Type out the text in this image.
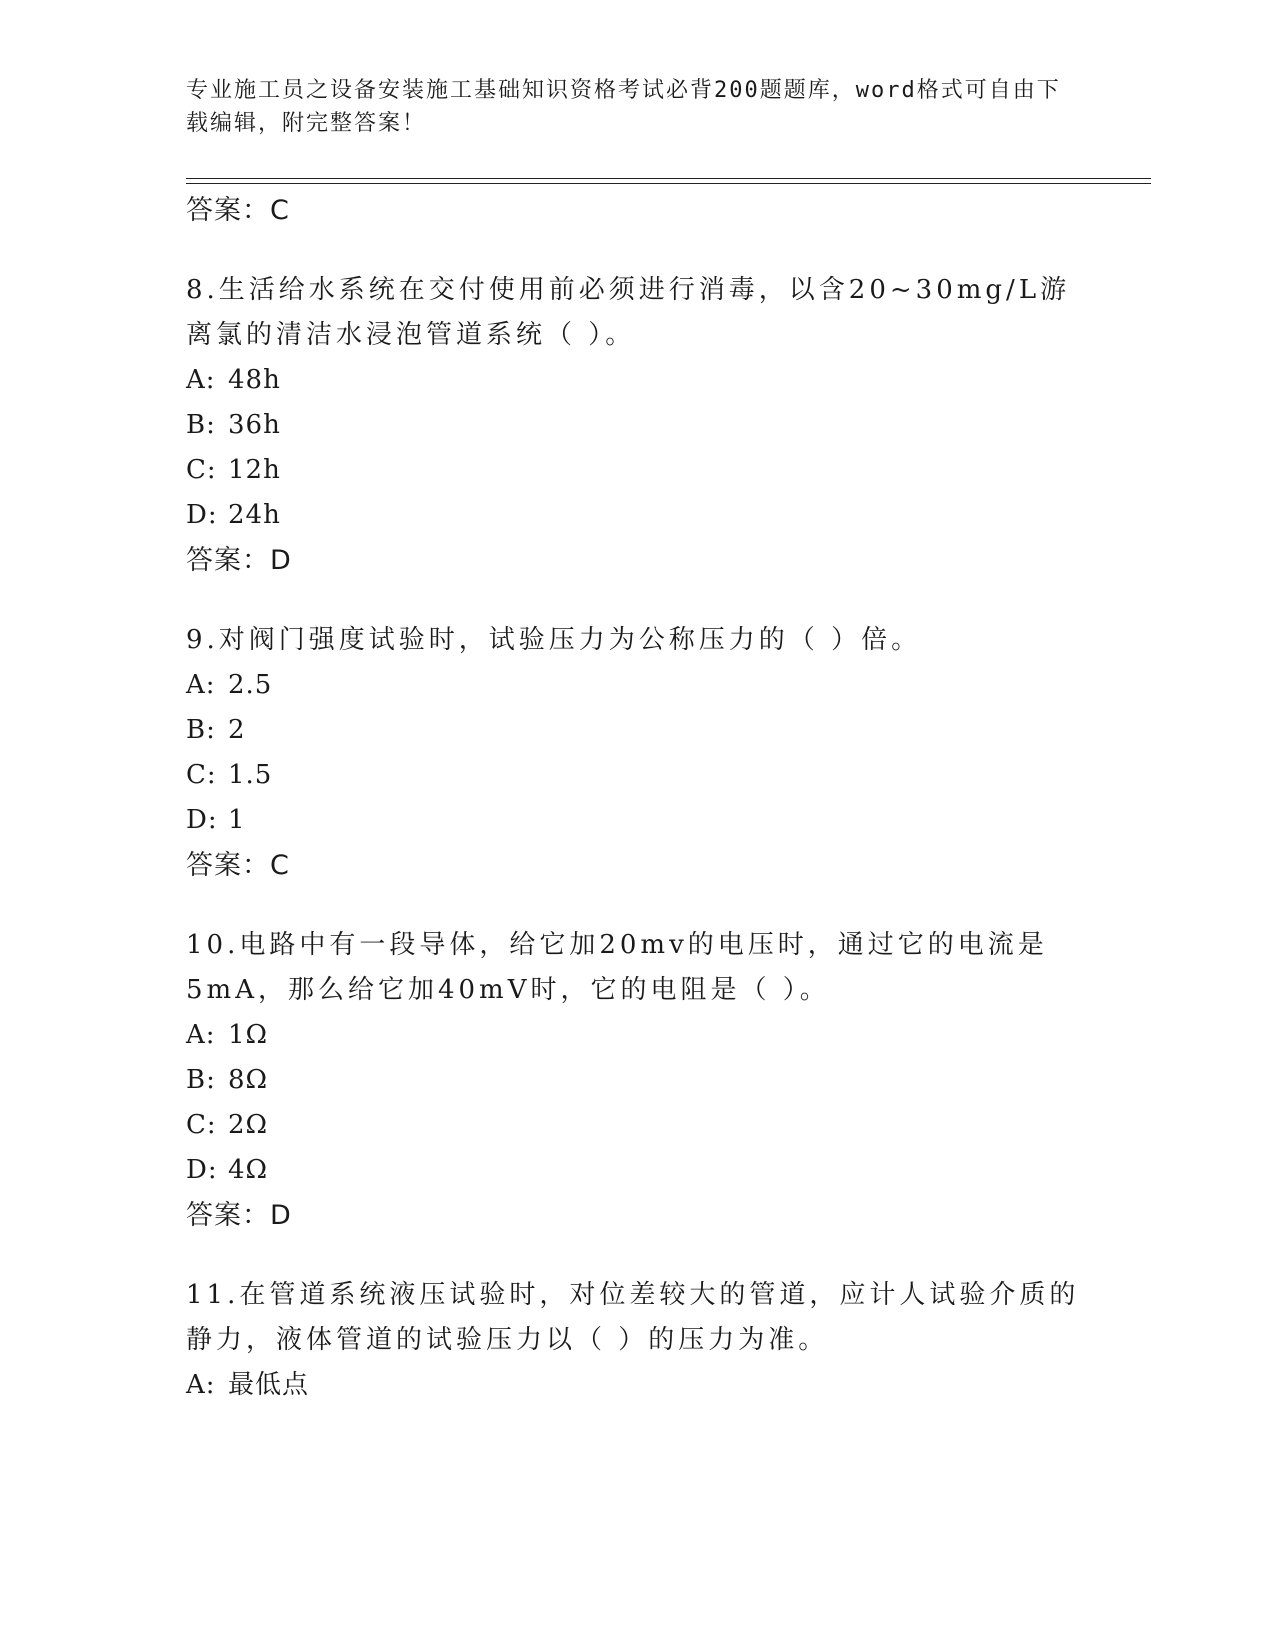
专业施工员之设备安装施工基础知识资格考试必背200题题库，word格式可自由下载编辑，附完整答案！
答案：C
8.生活给水系统在交付使用前必须进行消毒，以含20~30mg/L游离氯的清洁水浸泡管道系统（ ）。
A: 48h
B: 36h
C: 12h
D: 24h
答案：D
9.对阀门强度试验时，试验压力为公称压力的（ ）倍。
A: 2.5
B: 2
C: 1.5
D: 1
答案：C
10.电路中有一段导体，给它加20mv的电压时，通过它的电流是5mA，那么给它加40mV时，它的电阻是（ ）。
A: 1Ω
B: 8Ω
C: 2Ω
D: 4Ω
答案：D
11.在管道系统液压试验时，对位差较大的管道，应计人试验介质的静力，液体管道的试验压力以（ ）的压力为准。
A: 最低点
